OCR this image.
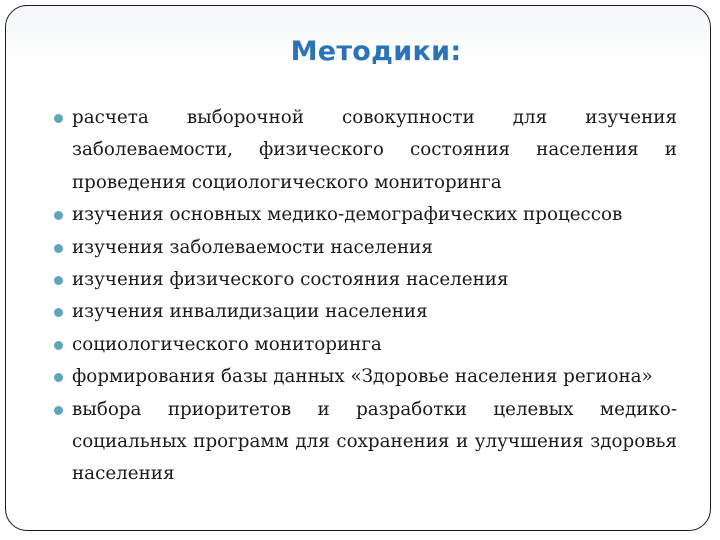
Методики:
расчета выборочной совокупности для изучения заболеваемости, физического состояния населения и проведения социологического мониторинга
изучения основных медико-демографических процессов
изучения заболеваемости населения
изучения физического состояния населения
изучения инвалидизации населения
социологического мониторинга
формирования базы данных «Здоровье населения региона»
выбора приоритетов и разработки целевых медико-социальных программ для сохранения и улучшения здоровья населения
